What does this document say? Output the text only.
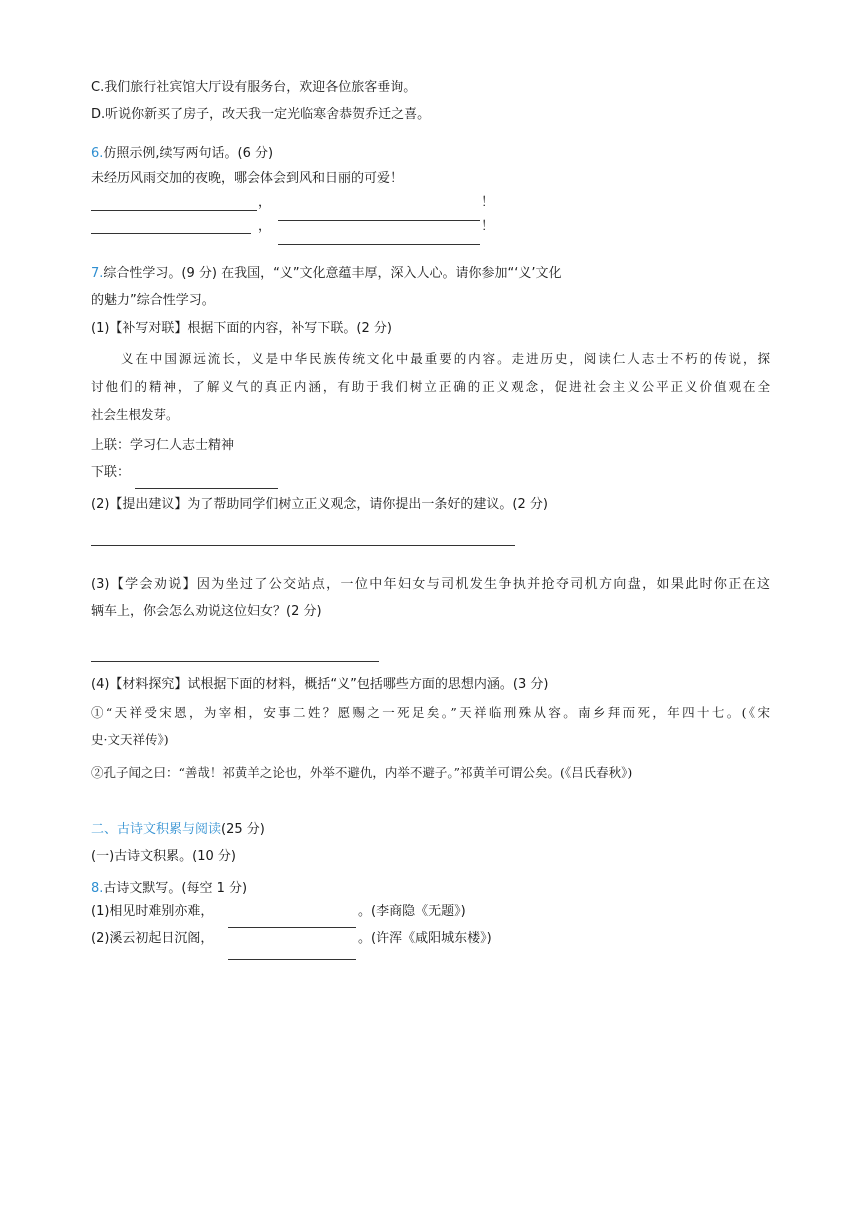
C.我们旅行社宾馆大厅设有服务台，欢迎各位旅客垂询。
D.听说你新买了房子，改天我一定光临寒舍恭贺乔迁之喜。
6.仿照示例,续写两句话。(6 分)
未经历风雨交加的夜晚，哪会体会到风和日丽的可爱！
，	！
，	！
7.综合性学习。(9 分) 在我国，“义”文化意蕴丰厚，深入人心。请你参加“‘义’文化
的魅力”综合性学习。
(1)【补写对联】根据下面的内容，补写下联。(2 分)
义在中国源远流长，义是中华民族传统文化中最重要的内容。走进历史，阅读仁人志士不朽的传说，探
讨他们的精神，了解义气的真正内涵，有助于我们树立正确的正义观念，促进社会主义公平正义价值观在全
社会生根发芽。
上联：学习仁人志士精神
下联：
(2)【提出建议】为了帮助同学们树立正义观念，请你提出一条好的建议。(2 分)
(3)【学会劝说】因为坐过了公交站点，一位中年妇女与司机发生争执并抢夺司机方向盘，如果此时你正在这
辆车上，你会怎么劝说这位妇女？(2 分)
(4)【材料探究】试根据下面的材料，概括“义”包括哪些方面的思想内涵。(3 分)
①“天祥受宋恩，为宰相，安事二姓？愿赐之一死足矣。”天祥临刑殊从容。南乡拜而死，年四十七。(《宋
史·文天祥传》)
②孔子闻之曰：“善哉！祁黄羊之论也，外举不避仇，内举不避子。”祁黄羊可谓公矣。(《吕氏春秋》)
二、古诗文积累与阅读(25 分)
(一)古诗文积累。(10 分)
8.古诗文默写。(每空 1 分)
(1)相见时难别亦难，	。(李商隐《无题》)
(2)溪云初起日沉阁，	。(许浑《咸阳城东楼》)
